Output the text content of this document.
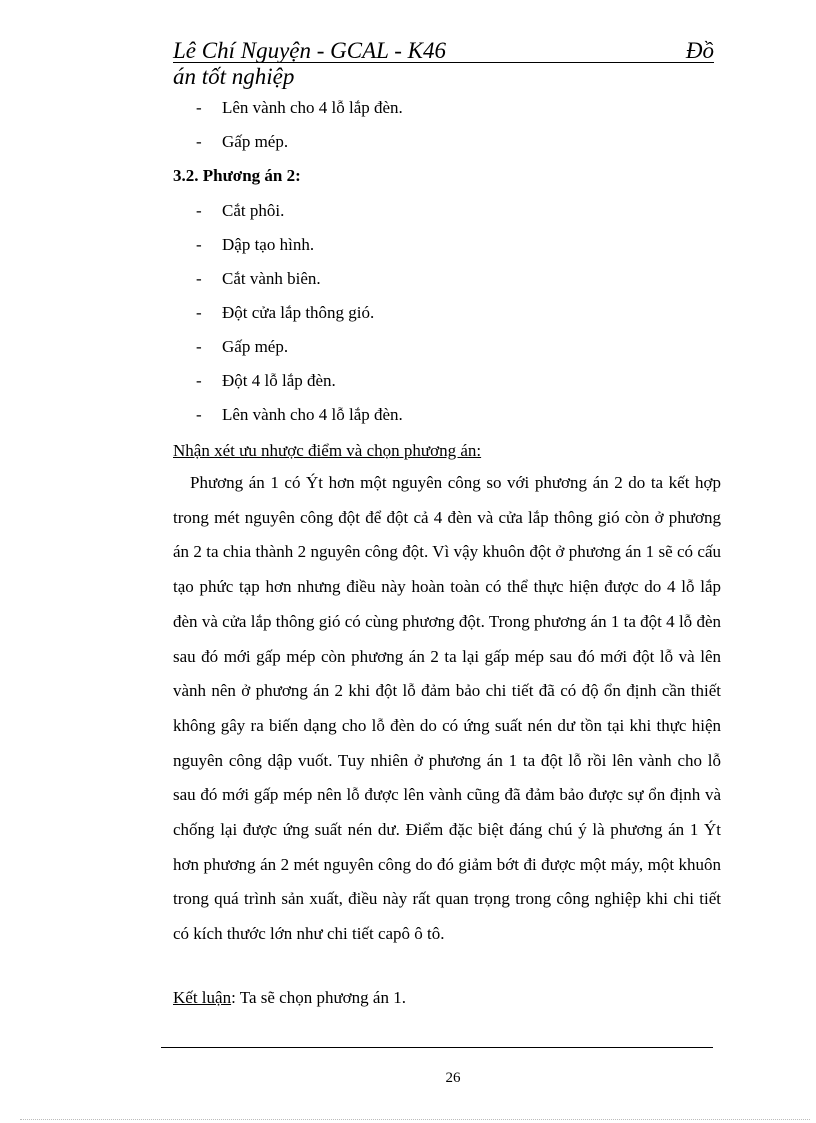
Lê Chí Nguyện - GCAL - K46	Đồ
án tốt nghiệp
- Lên vành cho 4 lỗ lắp đèn.
- Gấp mép.
3.2. Phương án 2:
- Cắt phôi.
- Dập tạo hình.
- Cắt vành biên.
- Đột cửa lắp thông gió.
- Gấp mép.
- Đột 4 lỗ lắp đèn.
- Lên vành cho 4 lỗ lắp đèn.
Nhận xét ưu nhược điểm và chọn phương án:

Phương án 1 có Ýt hơn một nguyên công so với phương án 2 do ta kết hợp trong mét nguyên công đột để đột cả 4 đèn và cửa lắp thông gió còn ở phương án 2 ta chia thành 2 nguyên công đột. Vì vậy khuôn đột ở phương án 1 sẽ có cấu tạo phức tạp hơn nhưng điều này hoàn toàn có thể thực hiện được do 4 lỗ lắp đèn và cửa lắp thông gió có cùng phương đột. Trong phương án 1 ta đột 4 lỗ đèn sau đó mới gấp mép còn phương án 2 ta lại gấp mép sau đó mới đột lỗ và lên vành nên ở phương án 2 khi đột lỗ đảm bảo chi tiết đã có độ ổn định cần thiết không gây ra biến dạng cho lỗ đèn do có ứng suất nén dư tồn tại khi thực hiện nguyên công dập vuốt. Tuy nhiên ở phương án 1 ta đột lỗ rồi lên vành cho lỗ sau đó mới gấp mép nên lỗ được lên vành cũng đã đảm bảo được sự ổn định và chống lại được ứng suất nén dư. Điểm đặc biệt đáng chú ý là phương án 1 Ýt hơn phương án 2 mét nguyên công do đó giảm bớt đi được một máy, một khuôn trong quá trình sản xuất, điều này rất quan trọng trong công nghiệp khi chi tiết có kích thước lớn như chi tiết capô ô tô.

Kết luận: Ta sẽ chọn phương án 1.
26
